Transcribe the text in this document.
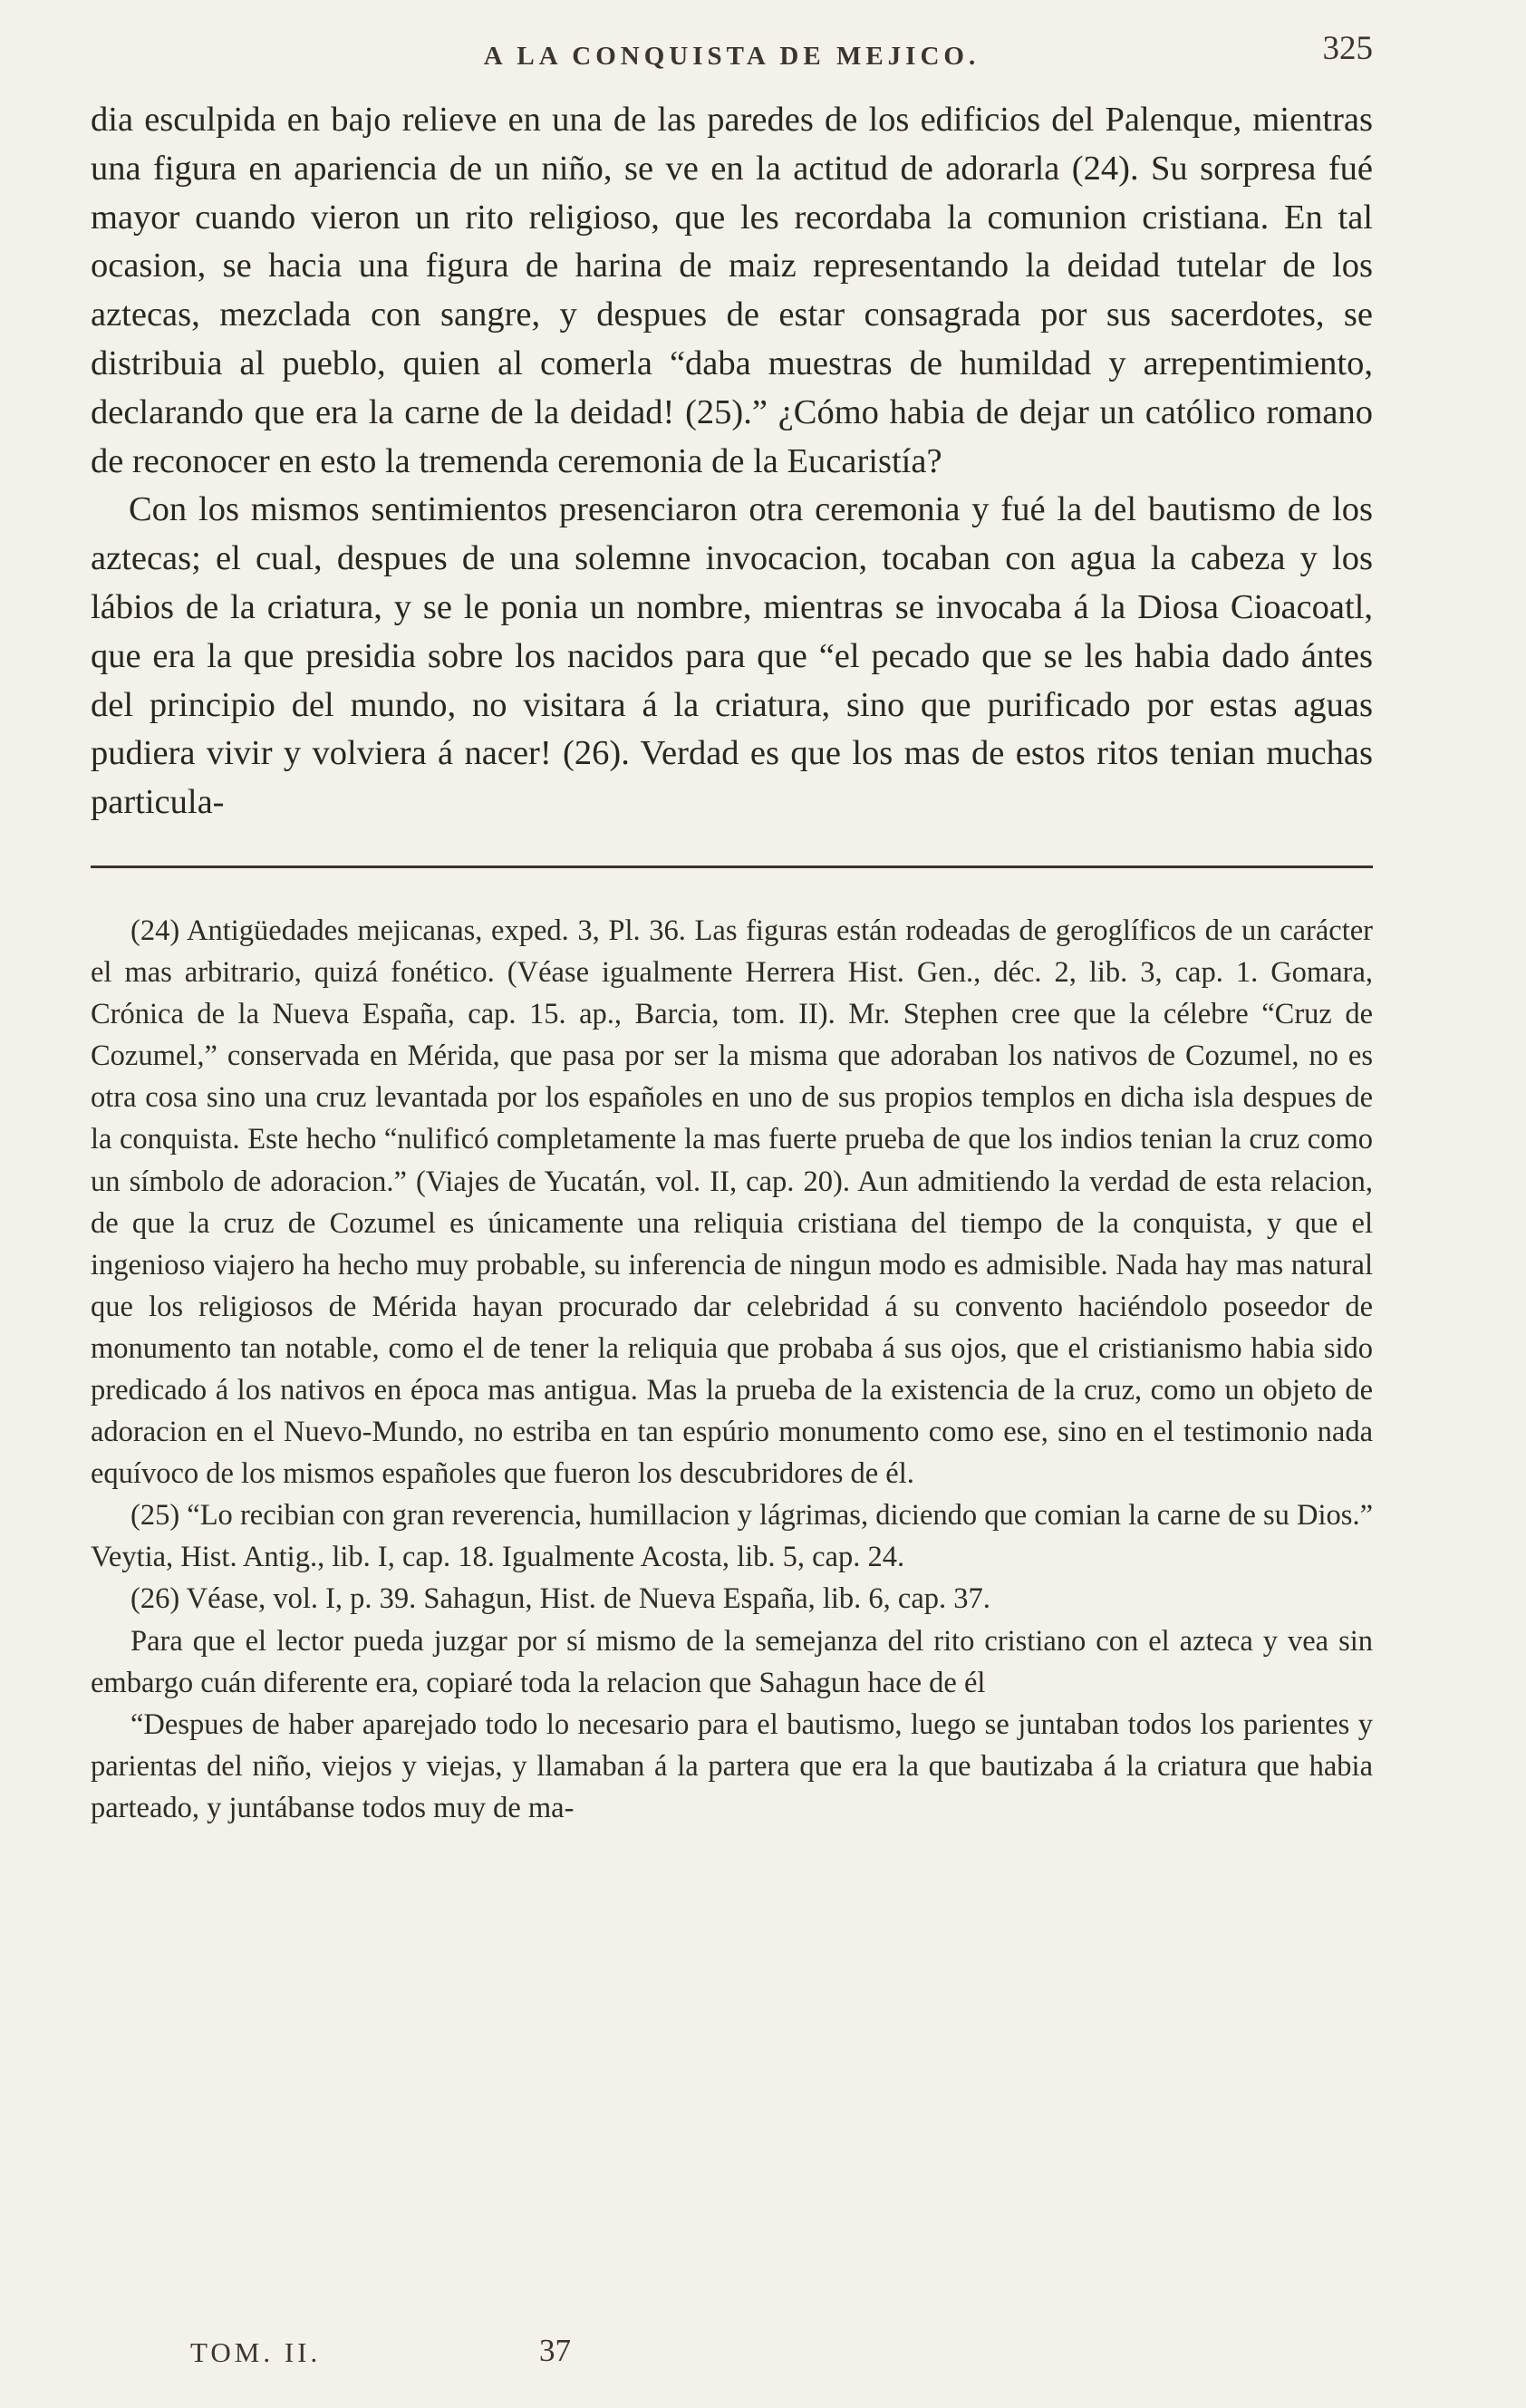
A LA CONQUISTA DE MEJICO.	325

dia esculpida en bajo relieve en una de las paredes de los edificios del Palenque, mientras una figura en apariencia de un niño, se ve en la actitud de adorarla (24). Su sorpresa fué mayor cuando vieron un rito religioso, que les recordaba la comunion cristiana. En tal ocasion, se hacia una figura de harina de maiz representando la deidad tutelar de los aztecas, mezclada con sangre, y despues de estar consagrada por sus sacerdotes, se distribuia al pueblo, quien al comerla “daba muestras de humildad y arrepentimiento, declarando que era la carne de la deidad! (25).” ¿Cómo habia de dejar un católico romano de reconocer en esto la tremenda ceremonia de la Eucaristía?

Con los mismos sentimientos presenciaron otra ceremonia y fué la del bautismo de los aztecas; el cual, despues de una solemne invocacion, tocaban con agua la cabeza y los lábios de la criatura, y se le ponia un nombre, mientras se invocaba á la Diosa Cioacoatl, que era la que presidia sobre los nacidos para que “el pecado que se les habia dado ántes del principio del mundo, no visitara á la criatura, sino que purificado por estas aguas pudiera vivir y volviera á nacer! (26). Verdad es que los mas de estos ritos tenian muchas particula-

(24) Antigüedades mejicanas, exped. 3, Pl. 36. Las figuras están rodeadas de geroglíficos de un carácter el mas arbitrario, quizá fonético. (Véase igualmente Herrera Hist. Gen., déc. 2, lib. 3, cap. 1. Gomara, Crónica de la Nueva España, cap. 15. ap., Barcia, tom. II). Mr. Stephen cree que la célebre “Cruz de Cozumel,” conservada en Mérida, que pasa por ser la misma que adoraban los nativos de Cozumel, no es otra cosa sino una cruz levantada por los españoles en uno de sus propios templos en dicha isla despues de la conquista. Este hecho “nulificó completamente la mas fuerte prueba de que los indios tenian la cruz como un símbolo de adoracion.” (Viajes de Yucatán, vol. II, cap. 20). Aun admitiendo la verdad de esta relacion, de que la cruz de Cozumel es únicamente una reliquia cristiana del tiempo de la conquista, y que el ingenioso viajero ha hecho muy probable, su inferencia de ningun modo es admisible. Nada hay mas natural que los religiosos de Mérida hayan procurado dar celebridad á su convento haciéndolo poseedor de monumento tan notable, como el de tener la reliquia que probaba á sus ojos, que el cristianismo habia sido predicado á los nativos en época mas antigua. Mas la prueba de la existencia de la cruz, como un objeto de adoracion en el Nuevo-Mundo, no estriba en tan espúrio monumento como ese, sino en el testimonio nada equívoco de los mismos españoles que fueron los descubridores de él.

(25) “Lo recibian con gran reverencia, humillacion y lágrimas, diciendo que comian la carne de su Dios.” Veytia, Hist. Antig., lib. I, cap. 18. Igualmente Acosta, lib. 5, cap. 24.

(26) Véase, vol. I, p. 39. Sahagun, Hist. de Nueva España, lib. 6, cap. 37.

Para que el lector pueda juzgar por sí mismo de la semejanza del rito cristiano con el azteca y vea sin embargo cuán diferente era, copiaré toda la relacion que Sahagun hace de él

“Despues de haber aparejado todo lo necesario para el bautismo, luego se juntaban todos los parientes y parientas del niño, viejos y viejas, y llamaban á la partera que era la que bautizaba á la criatura que habia parteado, y juntábanse todos muy de ma-

TOM. II.	37
